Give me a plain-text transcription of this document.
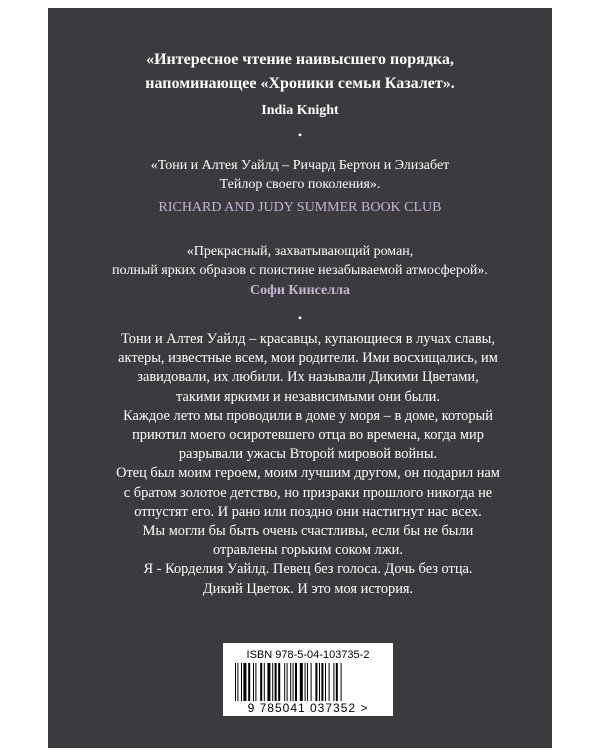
«Интересное чтение наивысшего порядка,
напоминающее «Хроники семьи Казалет».
India Knight
•
«Тони и Алтея Уайлд – Ричард Бертон и Элизабет
Тейлор своего поколения».
RICHARD AND JUDY SUMMER BOOK CLUB
«Прекрасный, захватывающий роман,
полный ярких образов с поистине незабываемой атмосферой».
Софи Кинселла
•

Тони и Алтея Уайлд – красавцы, купающиеся в лучах славы,

актеры, известные всем, мои родители. Ими восхищались, им

завидовали, их любили. Их называли Дикими Цветами,

такими яркими и независимыми они были.

Каждое лето мы проводили в доме у моря – в доме, который

приютил моего осиротевшего отца во времена, когда мир

разрывали ужасы Второй мировой войны.

Отец был моим героем, моим лучшим другом, он подарил нам

с братом золотое детство, но призраки прошлого никогда не

отпустят его. И рано или поздно они настигнут нас всех.

Мы могли бы быть очень счастливы, если бы не были

отравлены горьким соком лжи.

Я - Корделия Уайлд. Певец без голоса. Дочь без отца.

Дикий Цветок. И это моя история.

ISBN 978-5-04-103735-2
9 785041 037352 >
